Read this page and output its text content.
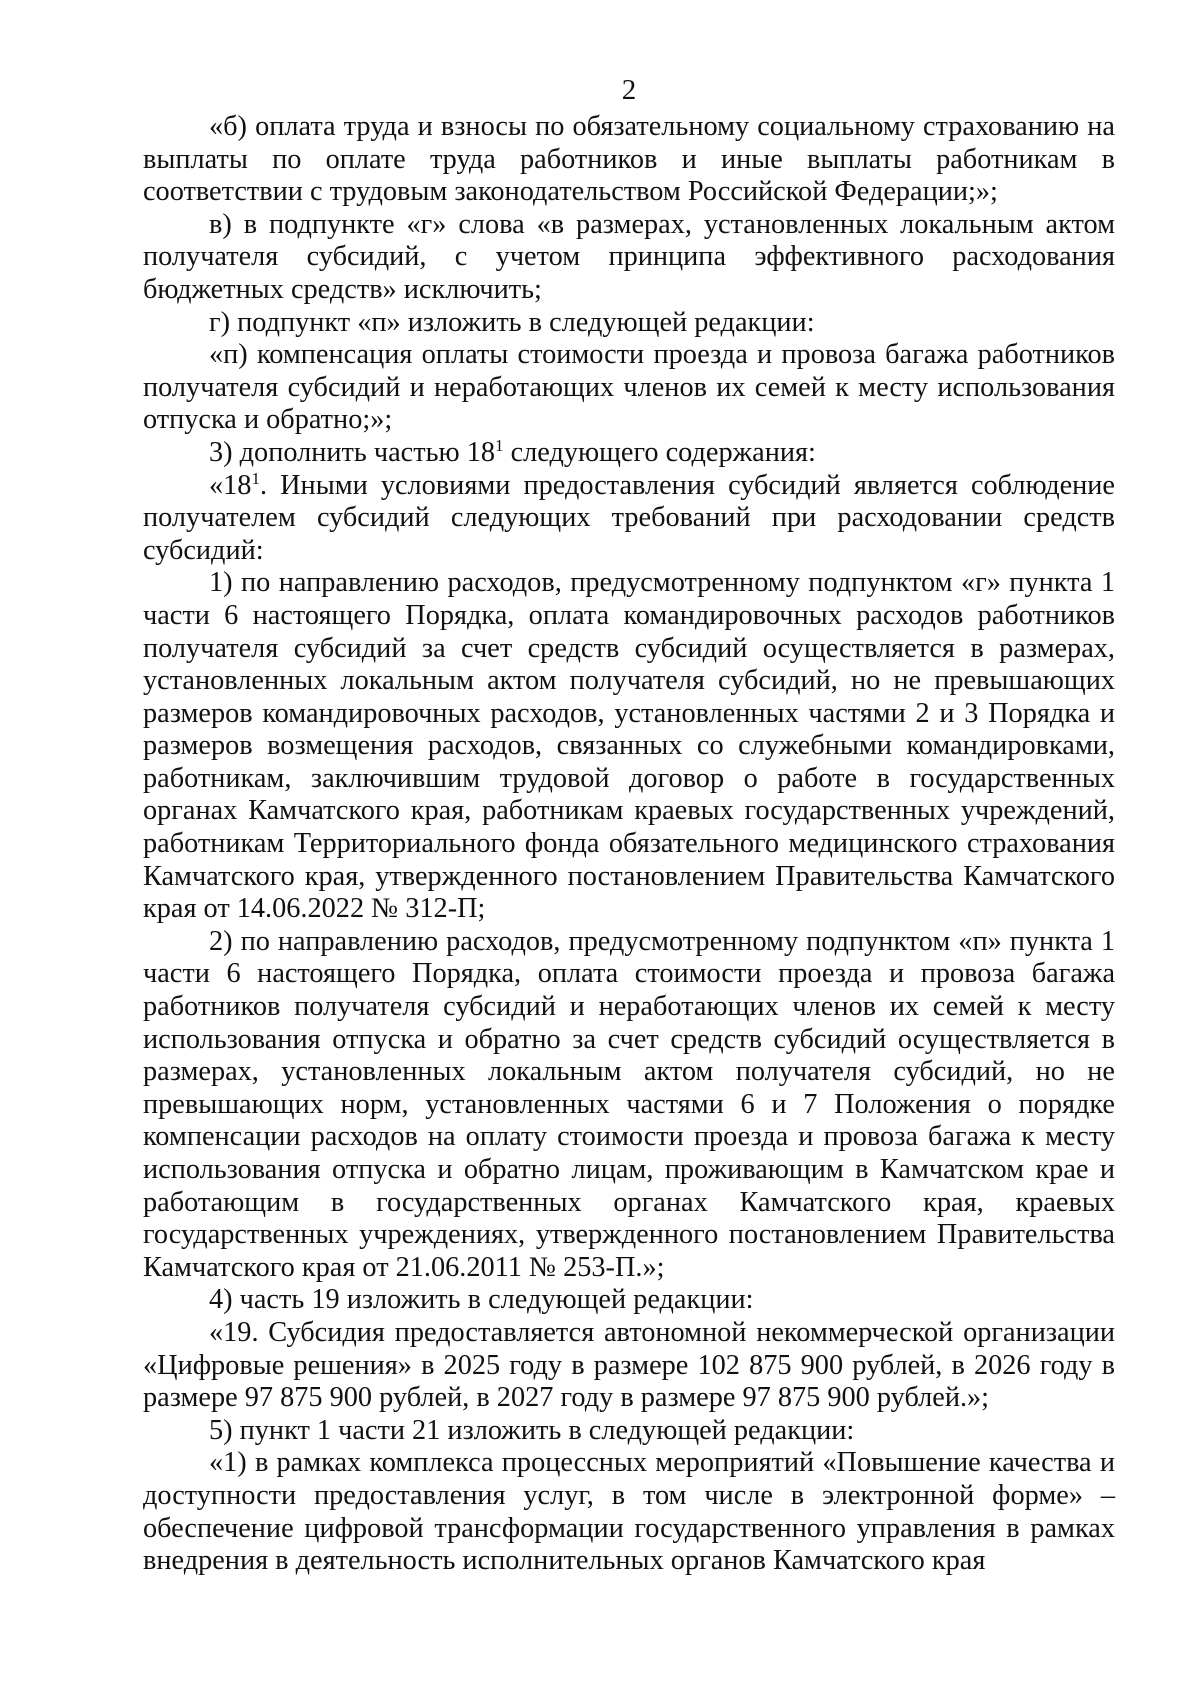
2

«б) оплата труда и взносы по обязательному социальному страхованию на выплаты по оплате труда работников и иные выплаты работникам в соответствии с трудовым законодательством Российской Федерации;»;

в) в подпункте «г» слова «в размерах, установленных локальным актом получателя субсидий, с учетом принципа эффективного расходования бюджетных средств» исключить;

г) подпункт «п» изложить в следующей редакции:

«п) компенсация оплаты стоимости проезда и провоза багажа работников получателя субсидий и неработающих членов их семей к месту использования отпуска и обратно;»;

3) дополнить частью $18^1$ следующего содержания:

«$18^1$. Иными условиями предоставления субсидий является соблюдение получателем субсидий следующих требований при расходовании средств субсидий:

1) по направлению расходов, предусмотренному подпунктом «г» пункта 1 части 6 настоящего Порядка, оплата командировочных расходов работников получателя субсидий за счет средств субсидий осуществляется в размерах, установленных локальным актом получателя субсидий, но не превышающих размеров командировочных расходов, установленных частями 2 и 3 Порядка и размеров возмещения расходов, связанных со служебными командировками, работникам, заключившим трудовой договор о работе в государственных органах Камчатского края, работникам краевых государственных учреждений, работникам Территориального фонда обязательного медицинского страхования Камчатского края, утвержденного постановлением Правительства Камчатского края от 14.06.2022 № 312-П;

2) по направлению расходов, предусмотренному подпунктом «п» пункта 1 части 6 настоящего Порядка, оплата стоимости проезда и провоза багажа работников получателя субсидий и неработающих членов их семей к месту использования отпуска и обратно за счет средств субсидий осуществляется в размерах, установленных локальным актом получателя субсидий, но не превышающих норм, установленных частями 6 и 7 Положения о порядке компенсации расходов на оплату стоимости проезда и провоза багажа к месту использования отпуска и обратно лицам, проживающим в Камчатском крае и работающим в государственных органах Камчатского края, краевых государственных учреждениях, утвержденного постановлением Правительства Камчатского края от 21.06.2011 № 253-П.»;

4) часть 19 изложить в следующей редакции:

«19. Субсидия предоставляется автономной некоммерческой организации «Цифровые решения» в 2025 году в размере 102 875 900 рублей, в 2026 году в размере 97 875 900 рублей, в 2027 году в размере 97 875 900 рублей.»;

5) пункт 1 части 21 изложить в следующей редакции:

«1) в рамках комплекса процессных мероприятий «Повышение качества и доступности предоставления услуг, в том числе в электронной форме» – обеспечение цифровой трансформации государственного управления в рамках внедрения в деятельность исполнительных органов Камчатского края
